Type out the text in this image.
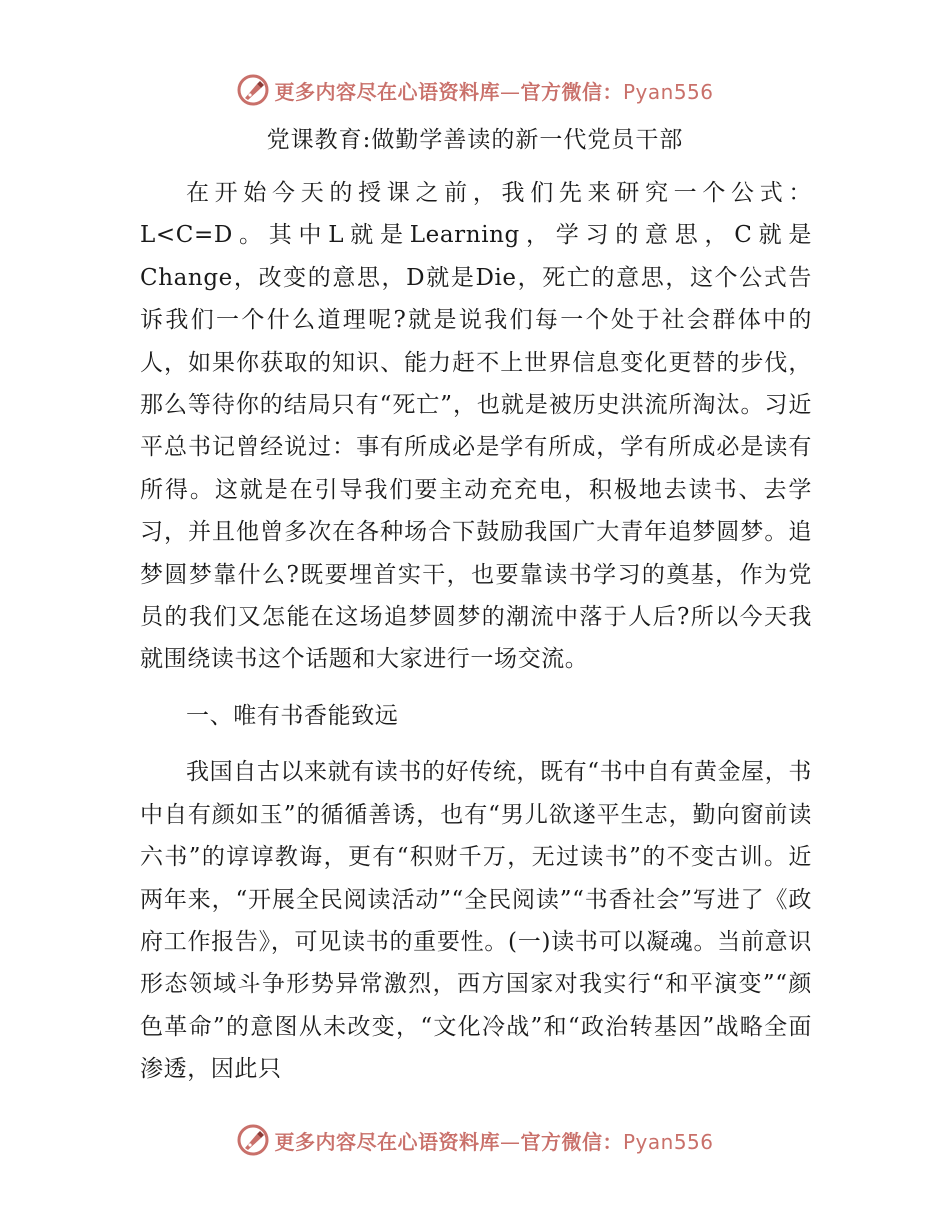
更多内容尽在心语资料库—官方微信：Pyan556
党课教育:做勤学善读的新一代党员干部

在开始今天的授课之前，我们先来研究一个公式：L<C=D。其中L就是Learning，学习的意思，C就是Change，改变的意思，D就是Die，死亡的意思，这个公式告诉我们一个什么道理呢?就是说我们每一个处于社会群体中的人，如果你获取的知识、能力赶不上世界信息变化更替的步伐，那么等待你的结局只有“死亡”，也就是被历史洪流所淘汰。习近平总书记曾经说过：事有所成必是学有所成，学有所成必是读有所得。这就是在引导我们要主动充充电，积极地去读书、去学习，并且他曾多次在各种场合下鼓励我国广大青年追梦圆梦。追梦圆梦靠什么?既要埋首实干，也要靠读书学习的奠基，作为党员的我们又怎能在这场追梦圆梦的潮流中落于人后?所以今天我就围绕读书这个话题和大家进行一场交流。

一、唯有书香能致远

我国自古以来就有读书的好传统，既有“书中自有黄金屋，书中自有颜如玉”的循循善诱，也有“男儿欲遂平生志，勤向窗前读六书”的谆谆教诲，更有“积财千万，无过读书”的不变古训。近两年来，“开展全民阅读活动”“全民阅读”“书香社会”写进了《政府工作报告》，可见读书的重要性。(一)读书可以凝魂。当前意识形态领域斗争形势异常激烈，西方国家对我实行“和平演变”“颜色革命”的意图从未改变，“文化冷战”和“政治转基因”战略全面渗透，因此只

更多内容尽在心语资料库—官方微信：Pyan556
